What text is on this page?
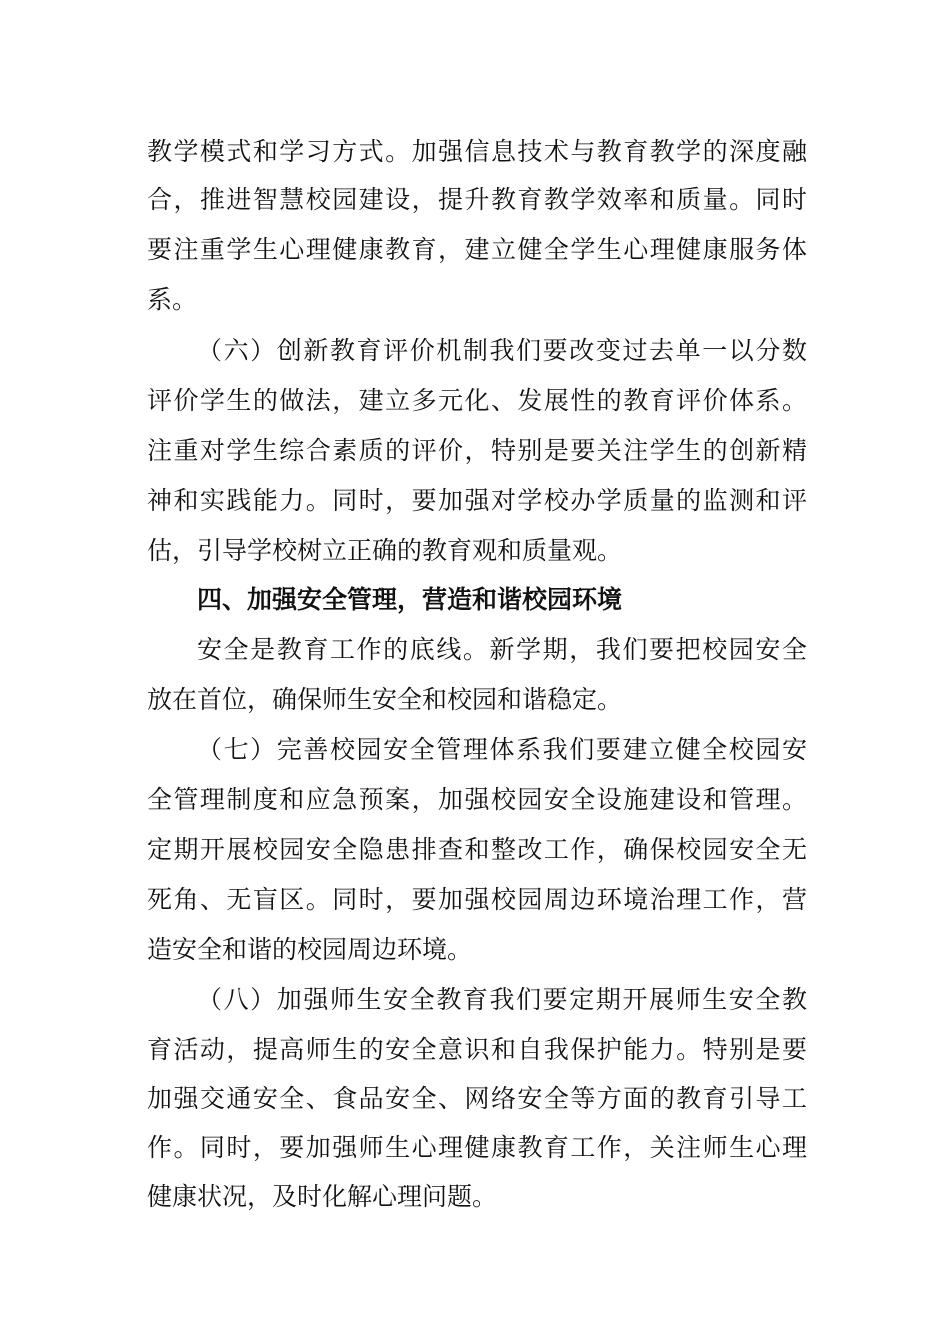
教学模式和学习方式。加强信息技术与教育教学的深度融
合，推进智慧校园建设，提升教育教学效率和质量。同时
要注重学生心理健康教育，建立健全学生心理健康服务体
系。
（六）创新教育评价机制我们要改变过去单一以分数
评价学生的做法，建立多元化、发展性的教育评价体系。
注重对学生综合素质的评价，特别是要关注学生的创新精
神和实践能力。同时，要加强对学校办学质量的监测和评
估，引导学校树立正确的教育观和质量观。
四、加强安全管理，营造和谐校园环境
安全是教育工作的底线。新学期，我们要把校园安全
放在首位，确保师生安全和校园和谐稳定。
（七）完善校园安全管理体系我们要建立健全校园安
全管理制度和应急预案，加强校园安全设施建设和管理。
定期开展校园安全隐患排查和整改工作，确保校园安全无
死角、无盲区。同时，要加强校园周边环境治理工作，营
造安全和谐的校园周边环境。
（八）加强师生安全教育我们要定期开展师生安全教
育活动，提高师生的安全意识和自我保护能力。特别是要
加强交通安全、食品安全、网络安全等方面的教育引导工
作。同时，要加强师生心理健康教育工作，关注师生心理
健康状况，及时化解心理问题。
